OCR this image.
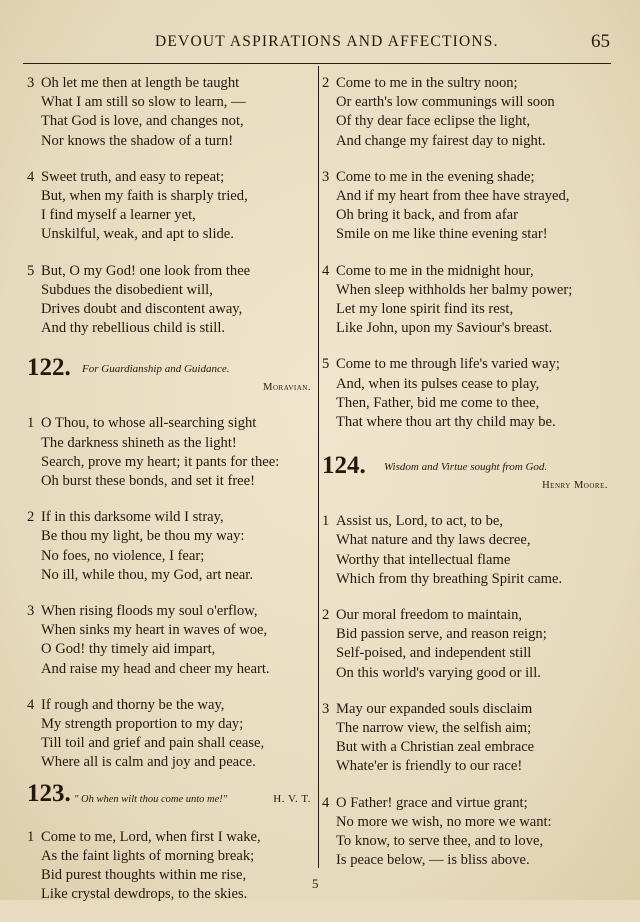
DEVOUT ASPIRATIONS AND AFFECTIONS.	65
3 Oh let me then at length be taught
What I am still so slow to learn, —
That God is love, and changes not,
Nor knows the shadow of a turn!
4 Sweet truth, and easy to repeat;
But, when my faith is sharply tried,
I find myself a learner yet,
Unskilful, weak, and apt to slide.
5 But, O my God! one look from thee
Subdues the disobedient will,
Drives doubt and discontent away,
And thy rebellious child is still.
122. For Guardianship and Guidance.
Moravian.
1 O Thou, to whose all-searching sight
The darkness shineth as the light!
Search, prove my heart; it pants for thee:
Oh burst these bonds, and set it free!
2 If in this darksome wild I stray,
Be thou my light, be thou my way:
No foes, no violence, I fear;
No ill, while thou, my God, art near.
3 When rising floods my soul o'erflow,
When sinks my heart in waves of woe,
O God! thy timely aid impart,
And raise my head and cheer my heart.
4 If rough and thorny be the way,
My strength proportion to my day;
Till toil and grief and pain shall cease,
Where all is calm and joy and peace.
123. " Oh when wilt thou come unto me!"	H. V. T.
1 Come to me, Lord, when first I wake,
As the faint lights of morning break;
Bid purest thoughts within me rise,
Like crystal dewdrops, to the skies.
2 Come to me in the sultry noon;
Or earth's low communings will soon
Of thy dear face eclipse the light,
And change my fairest day to night.
3 Come to me in the evening shade;
And if my heart from thee have strayed,
Oh bring it back, and from afar
Smile on me like thine evening star!
4 Come to me in the midnight hour,
When sleep withholds her balmy power;
Let my lone spirit find its rest,
Like John, upon my Saviour's breast.
5 Come to me through life's varied way;
And, when its pulses cease to play,
Then, Father, bid me come to thee,
That where thou art thy child may be.
124. Wisdom and Virtue sought from God.
Henry Moore.
1 Assist us, Lord, to act, to be,
What nature and thy laws decree,
Worthy that intellectual flame
Which from thy breathing Spirit came.
2 Our moral freedom to maintain,
Bid passion serve, and reason reign;
Self-poised, and independent still
On this world's varying good or ill.
3 May our expanded souls disclaim
The narrow view, the selfish aim;
But with a Christian zeal embrace
Whate'er is friendly to our race!
4 O Father! grace and virtue grant;
No more we wish, no more we want:
To know, to serve thee, and to love,
Is peace below, — is bliss above.
5
